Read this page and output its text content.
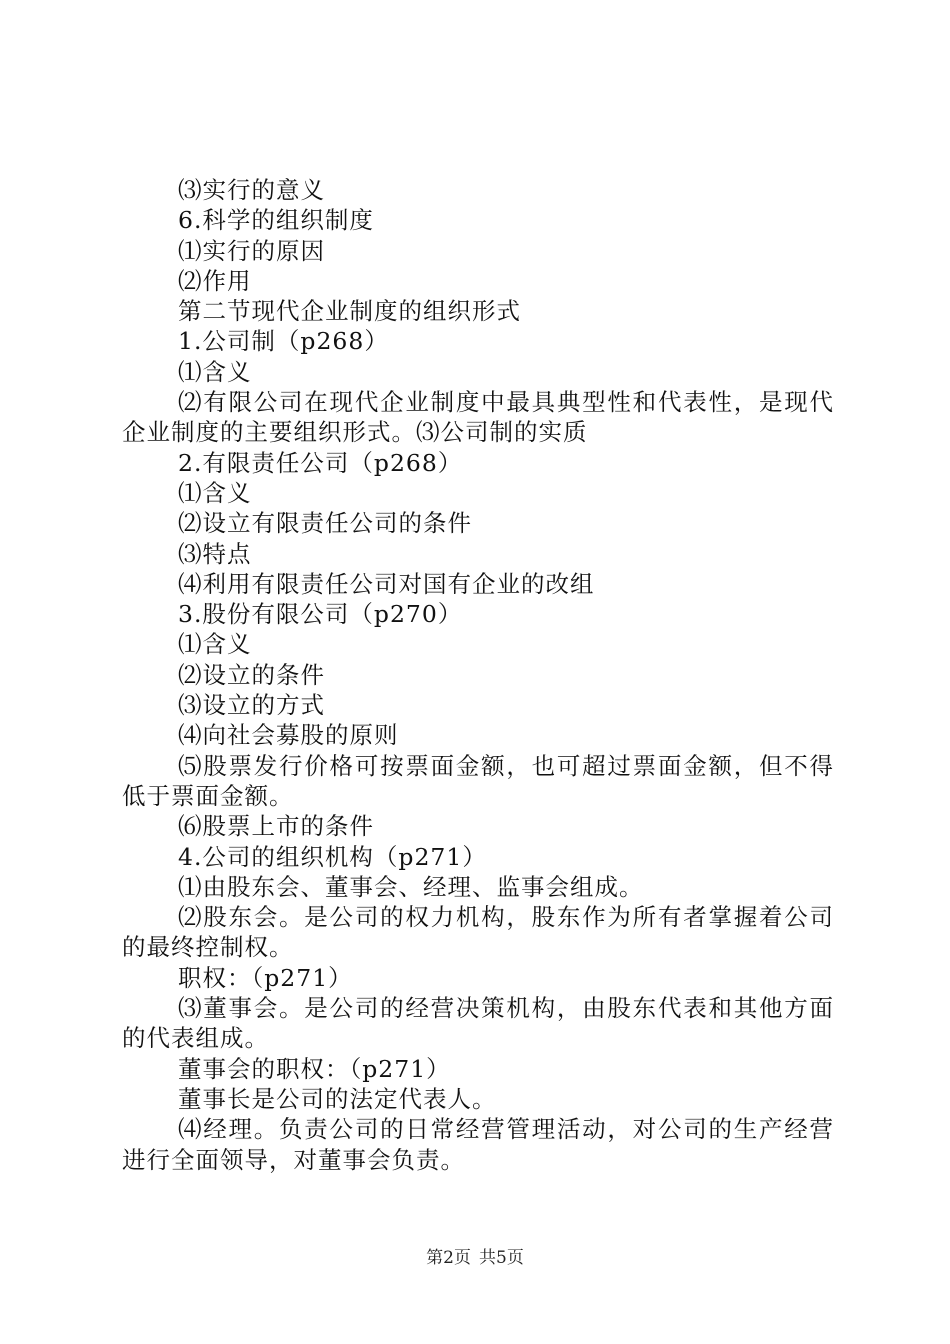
⑶实行的意义

6.科学的组织制度

⑴实行的原因

⑵作用

第二节现代企业制度的组织形式

1.公司制（p268）

⑴含义

⑵有限公司在现代企业制度中最具典型性和代表性，是现代企业制度的主要组织形式。⑶公司制的实质

2.有限责任公司（p268）

⑴含义

⑵设立有限责任公司的条件

⑶特点

⑷利用有限责任公司对国有企业的改组

3.股份有限公司（p270）

⑴含义

⑵设立的条件

⑶设立的方式

⑷向社会募股的原则

⑸股票发行价格可按票面金额，也可超过票面金额，但不得低于票面金额。

⑹股票上市的条件

4.公司的组织机构（p271）

⑴由股东会、董事会、经理、监事会组成。

⑵股东会。是公司的权力机构，股东作为所有者掌握着公司的最终控制权。

职权：（p271）

⑶董事会。是公司的经营决策机构，由股东代表和其他方面的代表组成。

董事会的职权：（p271）

董事长是公司的法定代表人。

⑷经理。负责公司的日常经营管理活动，对公司的生产经营进行全面领导，对董事会负责。

第2页 共5页
